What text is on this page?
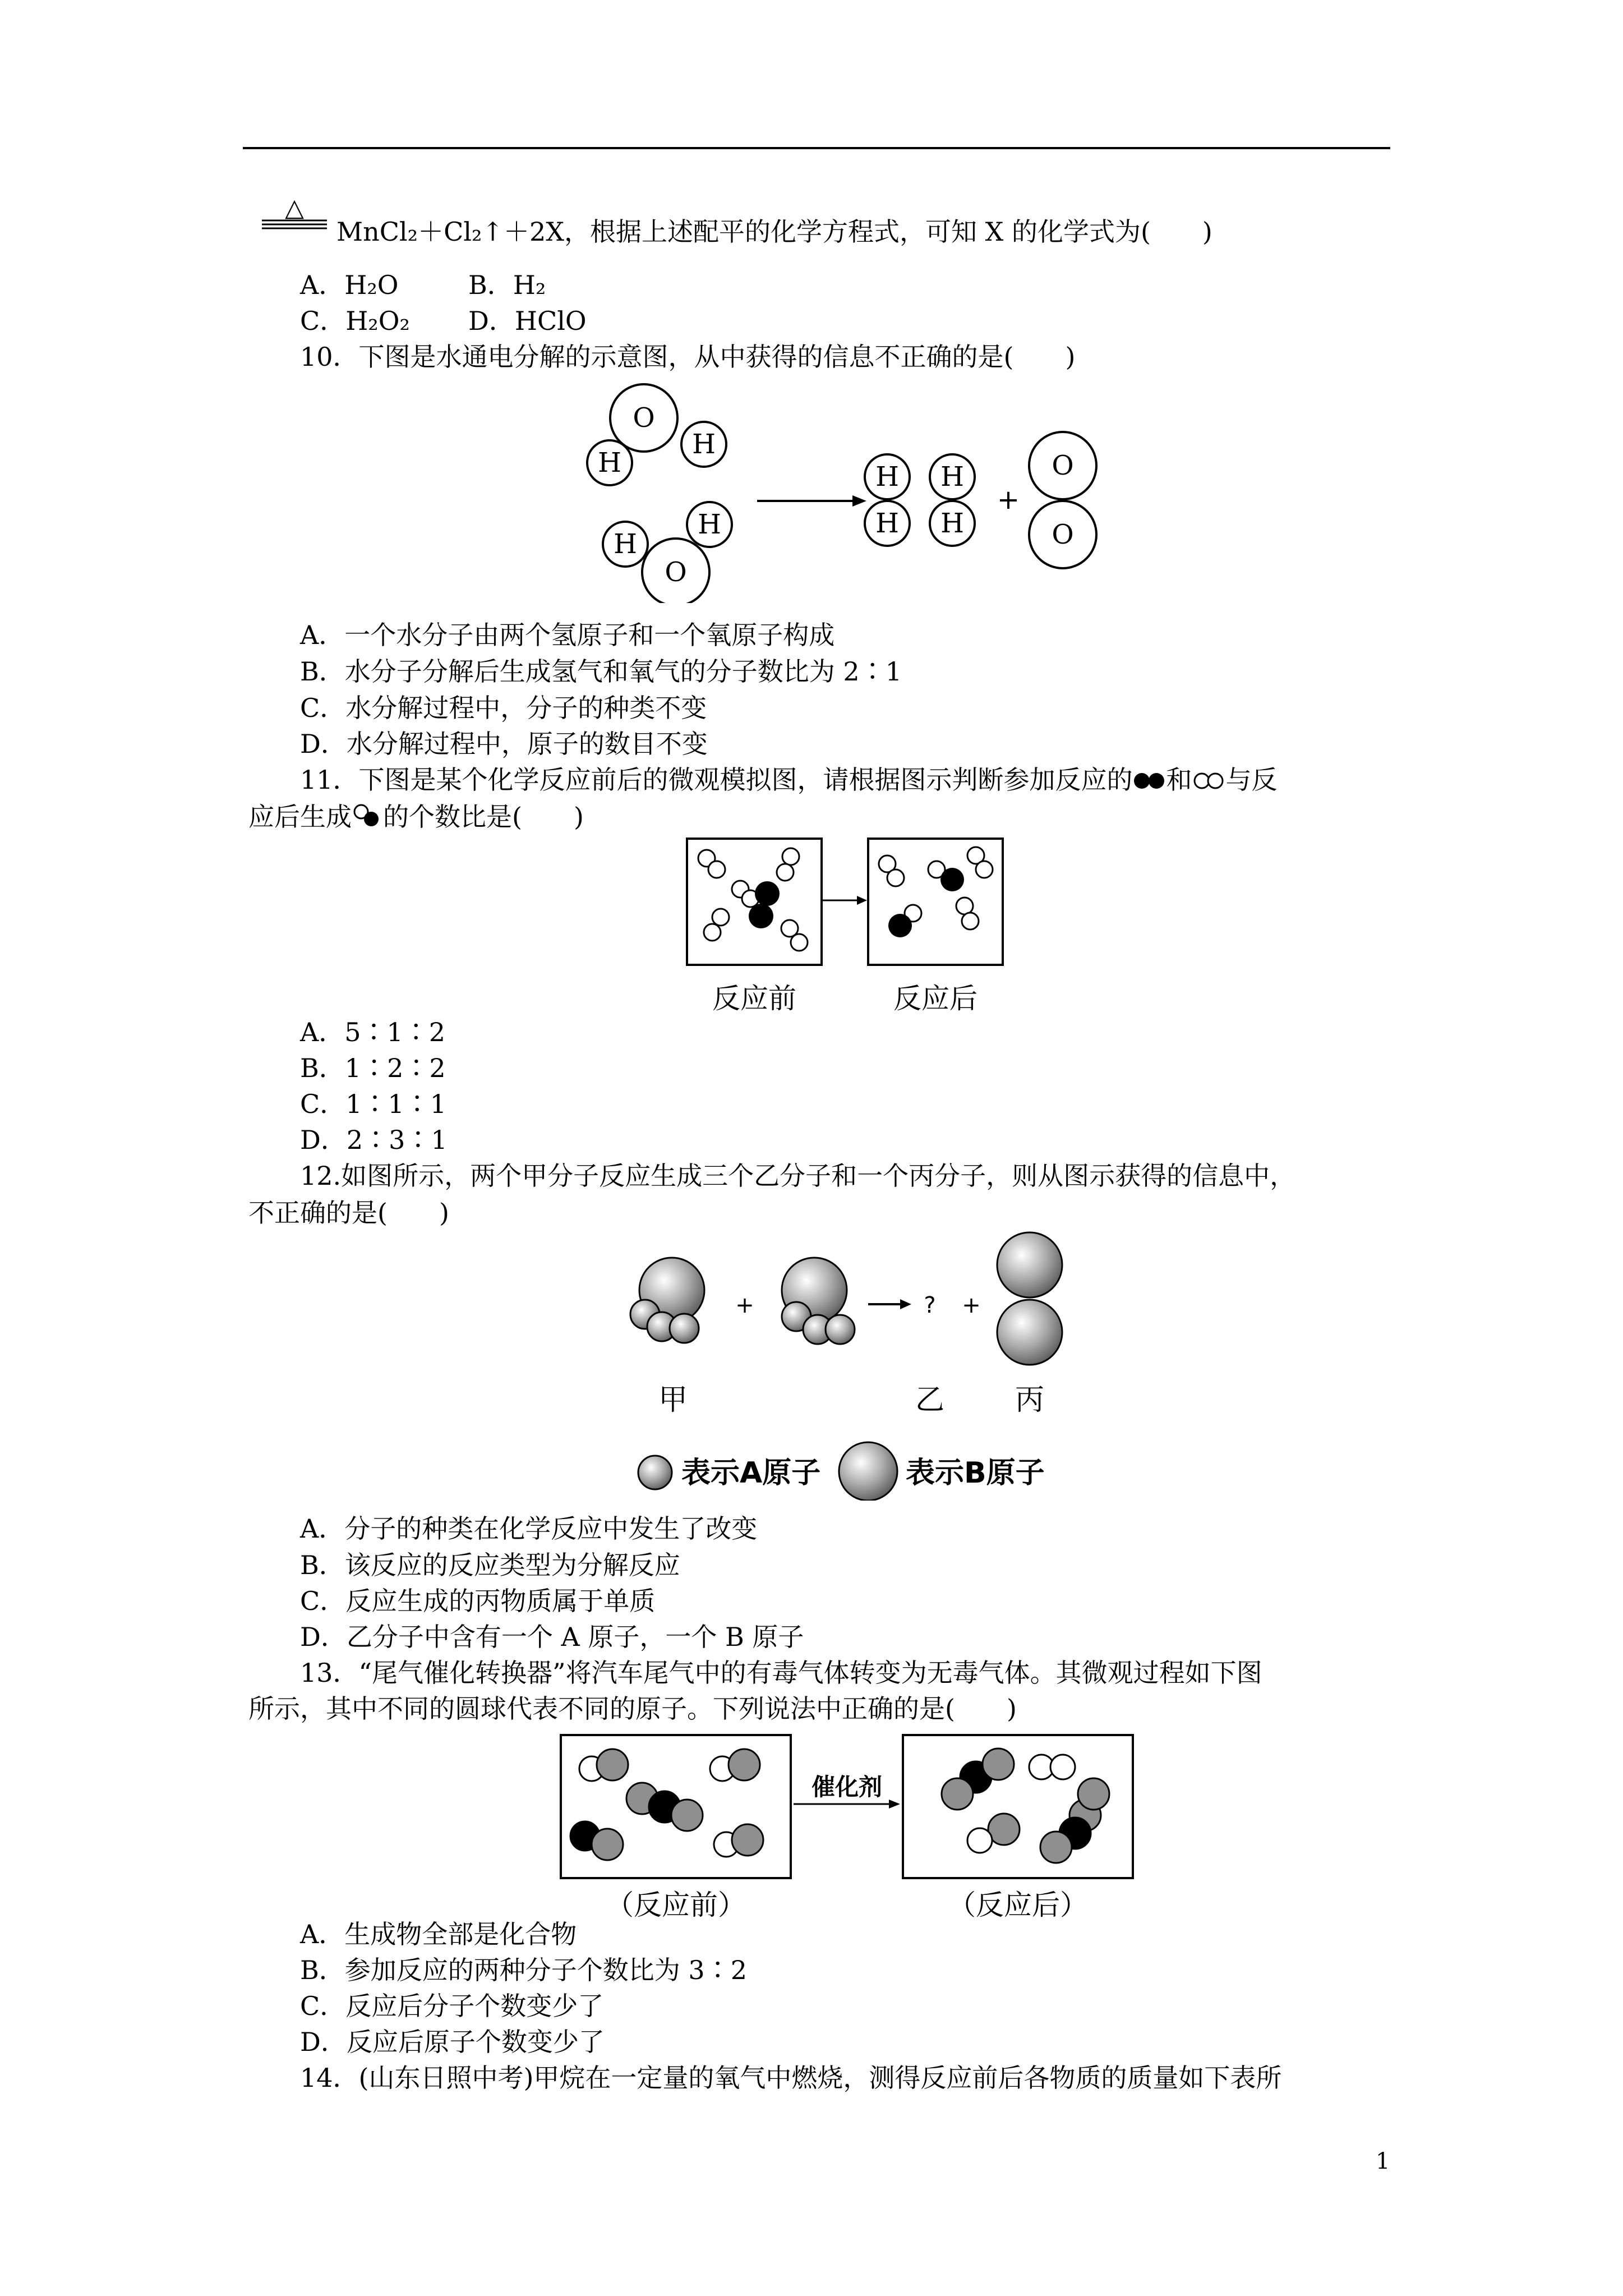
△
MnCl₂＋Cl₂↑＋2X，根据上述配平的化学方程式，可知 X 的化学式为(　　)
A．H₂O	B．H₂
C．H₂O₂ D．HClO
10．下图是水通电分解的示意图，从中获得的信息不正确的是(　　)
O
H
H
H
H
O
H H
H H
O
O
+
A．一个水分子由两个氢原子和一个氧原子构成
B．水分子分解后生成氢气和氧气的分子数比为 2∶1
C．水分解过程中，分子的种类不变
D．水分解过程中，原子的数目不变
11．下图是某个化学反应前后的微观模拟图，请根据图示判断参加反应的 和 与反
应后生成 的个数比是(　　)
反应前	反应后
A．5∶1∶2
B．1∶2∶2
C．1∶1∶1
D．2∶3∶1
12.如图所示，两个甲分子反应生成三个乙分子和一个丙分子，则从图示获得的信息中，
不正确的是(　　)
+	? +
甲	乙 丙
表示A原子	表示B原子
A．分子的种类在化学反应中发生了改变
B．该反应的反应类型为分解反应
C．反应生成的丙物质属于单质
D．乙分子中含有一个 A 原子，一个 B 原子
13．“尾气催化转换器”将汽车尾气中的有毒气体转变为无毒气体。其微观过程如下图
所示，其中不同的圆球代表不同的原子。下列说法中正确的是(　　)
催化剂
（反应前）	（反应后）
A．生成物全部是化合物
B．参加反应的两种分子个数比为 3∶2
C．反应后分子个数变少了
D．反应后原子个数变少了
14．(山东日照中考)甲烷在一定量的氧气中燃烧，测得反应前后各物质的质量如下表所
1
